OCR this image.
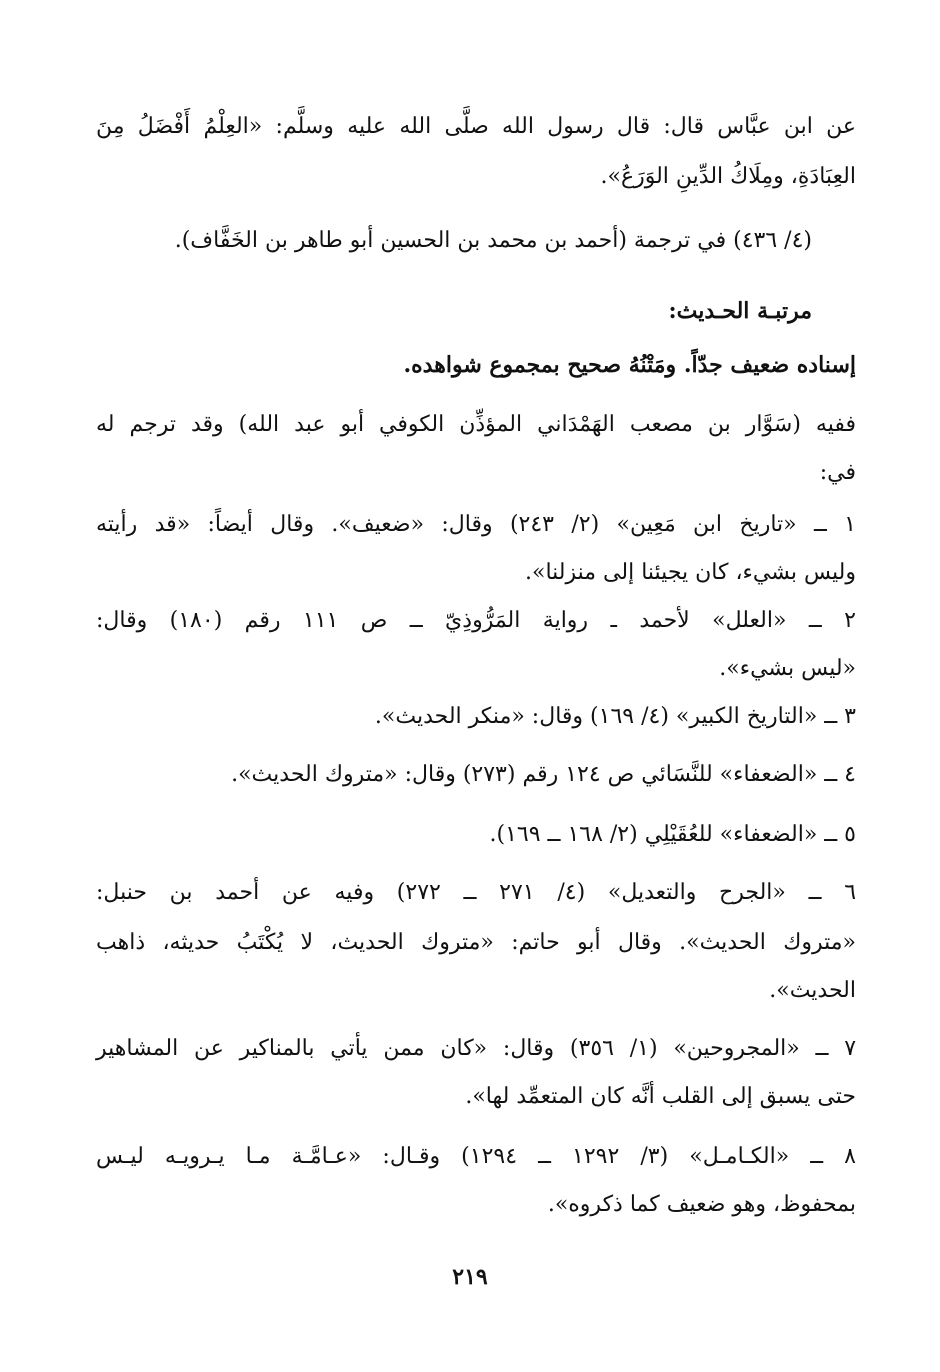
عن ابن عبَّاس قال: قال رسول الله صلَّى الله عليه وسلَّم: «العِلْمُ أَفْضَلُ مِنَ
العِبَادَةِ، ومِلَاكُ الدِّينِ الوَرَعُ».
(٤/ ٤٣٦) في ترجمة (أحمد بن محمد بن الحسين أبو طاهر بن الخَفَّاف).
مرتبـة الحـديث:
إسناده ضعيف جدّاً. ومَتْنُهُ صحيح بمجموع شواهده.
ففيه (سَوَّار بن مصعب الهَمْدَاني المؤذِّن الكوفي أبو عبد الله) وقد ترجم له
في:
١ ــ «تاريخ ابن مَعِين» (٢/ ٢٤٣) وقال: «ضعيف». وقال أيضاً: «قد رأيته
وليس بشيء، كان يجيئنا إلى منزلنا».
٢ ــ «العلل» لأحمد ـ رواية المَرُّوذِيّ ــ ص ١١١ رقم (١٨٠) وقال:
«ليس بشيء».
٣ ــ «التاريخ الكبير» (٤/ ١٦٩) وقال: «منكر الحديث».
٤ ــ «الضعفاء» للنَّسَائي ص ١٢٤ رقم (٢٧٣) وقال: «متروك الحديث».
٥ ــ «الضعفاء» للعُقَيْلِي (٢/ ١٦٨ ــ ١٦٩).
٦ ــ «الجرح والتعديل» (٤/ ٢٧١ ــ ٢٧٢) وفيه عن أحمد بن حنبل:
«متروك الحديث». وقال أبو حاتم: «متروك الحديث، لا يُكْتَبُ حديثه، ذاهب
الحديث».
٧ ــ «المجروحين» (١/ ٣٥٦) وقال: «كان ممن يأتي بالمناكير عن المشاهير
حتى يسبق إلى القلب أنَّه كان المتعمِّد لها».
٨ ــ «الكـامـل» (٣/ ١٢٩٢ ــ ١٢٩٤) وقـال: «عـامَّـة مـا يـرويـه ليـس
بمحفوظ، وهو ضعيف كما ذكروه».
٢١٩
